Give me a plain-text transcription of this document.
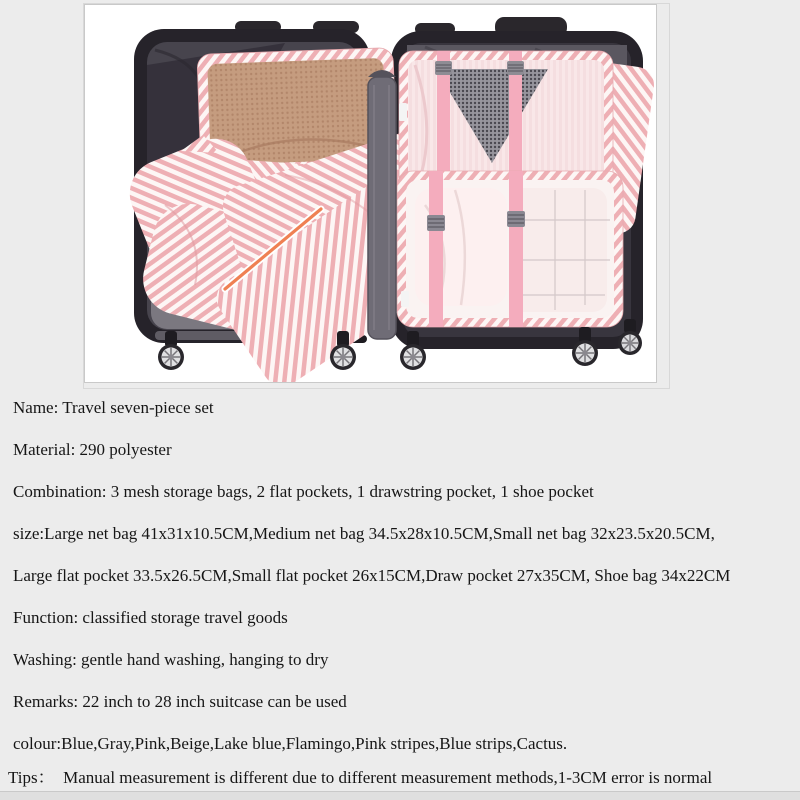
Name: Travel seven-piece set

Material: 290 polyester

Combination: 3 mesh storage bags, 2 flat pockets, 1 drawstring pocket, 1 shoe pocket

size:Large net bag 41x31x10.5CM,Medium net bag 34.5x28x10.5CM,Small net bag 32x23.5x20.5CM,

Large flat pocket 33.5x26.5CM,Small flat pocket 26x15CM,Draw pocket 27x35CM, Shoe bag 34x22CM

Function: classified storage travel goods

Washing: gentle hand washing, hanging to dry

Remarks: 22 inch to 28 inch suitcase can be used

colour:Blue,Gray,Pink,Beige,Lake blue,Flamingo,Pink stripes,Blue strips,Cactus.

Tips：  Manual measurement is different due to different measurement methods,1-3CM error is normal
